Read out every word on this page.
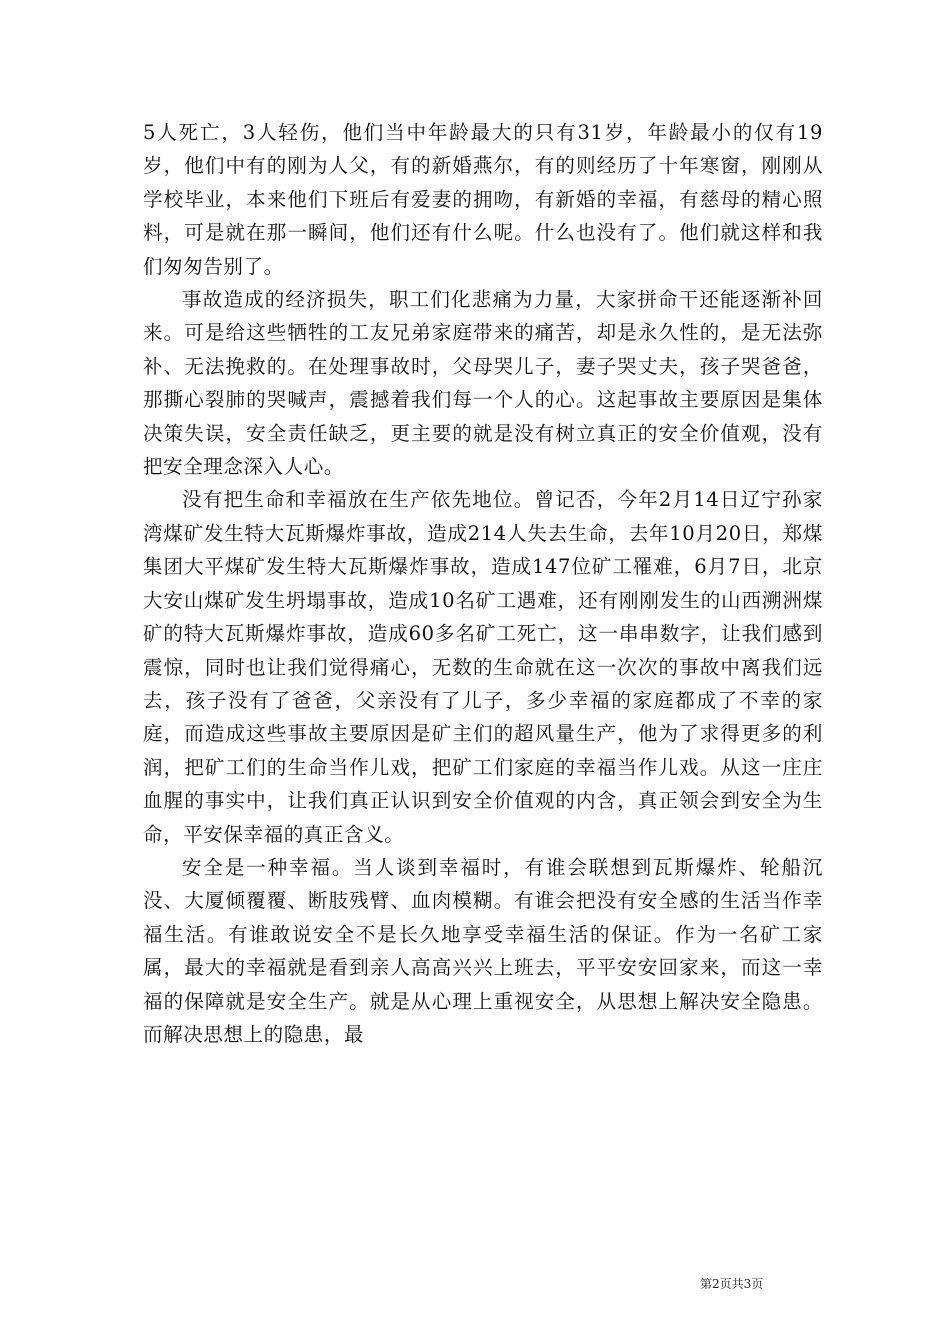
5人死亡，3人轻伤，他们当中年龄最大的只有31岁，年龄最小的仅有19岁，他们中有的刚为人父，有的新婚燕尔，有的则经历了十年寒窗，刚刚从学校毕业，本来他们下班后有爱妻的拥吻，有新婚的幸福，有慈母的精心照料，可是就在那一瞬间，他们还有什么呢。什么也没有了。他们就这样和我们匆匆告别了。

事故造成的经济损失，职工们化悲痛为力量，大家拼命干还能逐渐补回来。可是给这些牺牲的工友兄弟家庭带来的痛苦，却是永久性的，是无法弥补、无法挽救的。在处理事故时，父母哭儿子，妻子哭丈夫，孩子哭爸爸，那撕心裂肺的哭喊声，震撼着我们每一个人的心。这起事故主要原因是集体决策失误，安全责任缺乏，更主要的就是没有树立真正的安全价值观，没有把安全理念深入人心。

没有把生命和幸福放在生产依先地位。曾记否，今年2月14日辽宁孙家湾煤矿发生特大瓦斯爆炸事故，造成214人失去生命，去年10月20日，郑煤集团大平煤矿发生特大瓦斯爆炸事故，造成147位矿工罹难，6月7日，北京大安山煤矿发生坍塌事故，造成10名矿工遇难，还有刚刚发生的山西溯洲煤矿的特大瓦斯爆炸事故，造成60多名矿工死亡，这一串串数字，让我们感到震惊，同时也让我们觉得痛心，无数的生命就在这一次次的事故中离我们远去，孩子没有了爸爸，父亲没有了儿子，多少幸福的家庭都成了不幸的家庭，而造成这些事故主要原因是矿主们的超风量生产，他为了求得更多的利润，把矿工们的生命当作儿戏，把矿工们家庭的幸福当作儿戏。从这一庄庄血腥的事实中，让我们真正认识到安全价值观的内含，真正领会到安全为生命，平安保幸福的真正含义。

安全是一种幸福。当人谈到幸福时，有谁会联想到瓦斯爆炸、轮船沉没、大厦倾覆覆、断肢残臂、血肉模糊。有谁会把没有安全感的生活当作幸福生活。有谁敢说安全不是长久地享受幸福生活的保证。作为一名矿工家属，最大的幸福就是看到亲人高高兴兴上班去，平平安安回家来，而这一幸福的保障就是安全生产。就是从心理上重视安全，从思想上解决安全隐患。而解决思想上的隐患，最

第2页共3页
